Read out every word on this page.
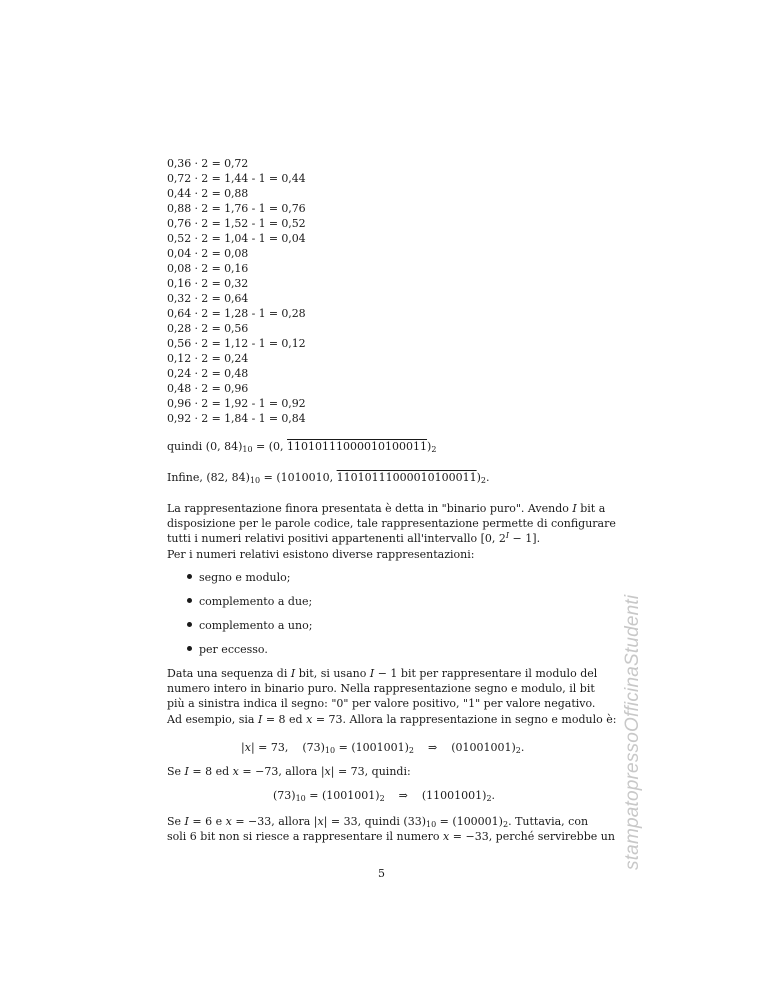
0,36 · 2 = 0,72
0,72 · 2 = 1,44 - 1 = 0,44
0,44 · 2 = 0,88
0,88 · 2 = 1,76 - 1 = 0,76
0,76 · 2 = 1,52 - 1 = 0,52
0,52 · 2 = 1,04 - 1 = 0,04
0,04 · 2 = 0,08
0,08 · 2 = 0,16
0,16 · 2 = 0,32
0,32 · 2 = 0,64
0,64 · 2 = 1,28 - 1 = 0,28
0,28 · 2 = 0,56
0,56 · 2 = 1,12 - 1 = 0,12
0,12 · 2 = 0,24
0,24 · 2 = 0,48
0,48 · 2 = 0,96
0,96 · 2 = 1,92 - 1 = 0,92
0,92 · 2 = 1,84 - 1 = 0,84
quindi (0, $84)_{10} = (0$, $11010111000010100011)_2$
Infine, (82, $84)_{10} = (1010010$, $11010111000010100011)_2$.
La rappresentazione finora presentata è detta in "binario puro". Avendo I bit a
disposizione per le parole codice, tale rappresentazione permette di configurare
tutti i numeri relativi positivi appartenenti all'intervallo [0, $2^I - 1$].
Per i numeri relativi esistono diverse rappresentazioni:
segno e modulo;
complemento a due;
complemento a uno;
per eccesso.
Data una sequenza di I bit, si usano I − 1 bit per rappresentare il modulo del
numero intero in binario puro. Nella rappresentazione segno e modulo, il bit
più a sinistra indica il segno: "0" per valore positivo, "1" per valore negativo.
Ad esempio, sia I = 8 ed x = 73. Allora la rappresentazione in segno e modulo è:
|x| = 73,    $(73)_{10} = (1001001)_2$    ⇒    $(01001001)_2$.
Se I = 8 ed x = −73, allora |x| = 73, quindi:
$(73)_{10} = (1001001)_2$    ⇒    $(11001001)_2$.
Se I = 6 e x = −33, allora |x| = 33, quindi $(33)_{10} = (100001)_2$. Tuttavia, con
soli 6 bit non si riesce a rappresentare il numero x = −33, perché servirebbe un
5
stampatopressoOfficinaStudenti
